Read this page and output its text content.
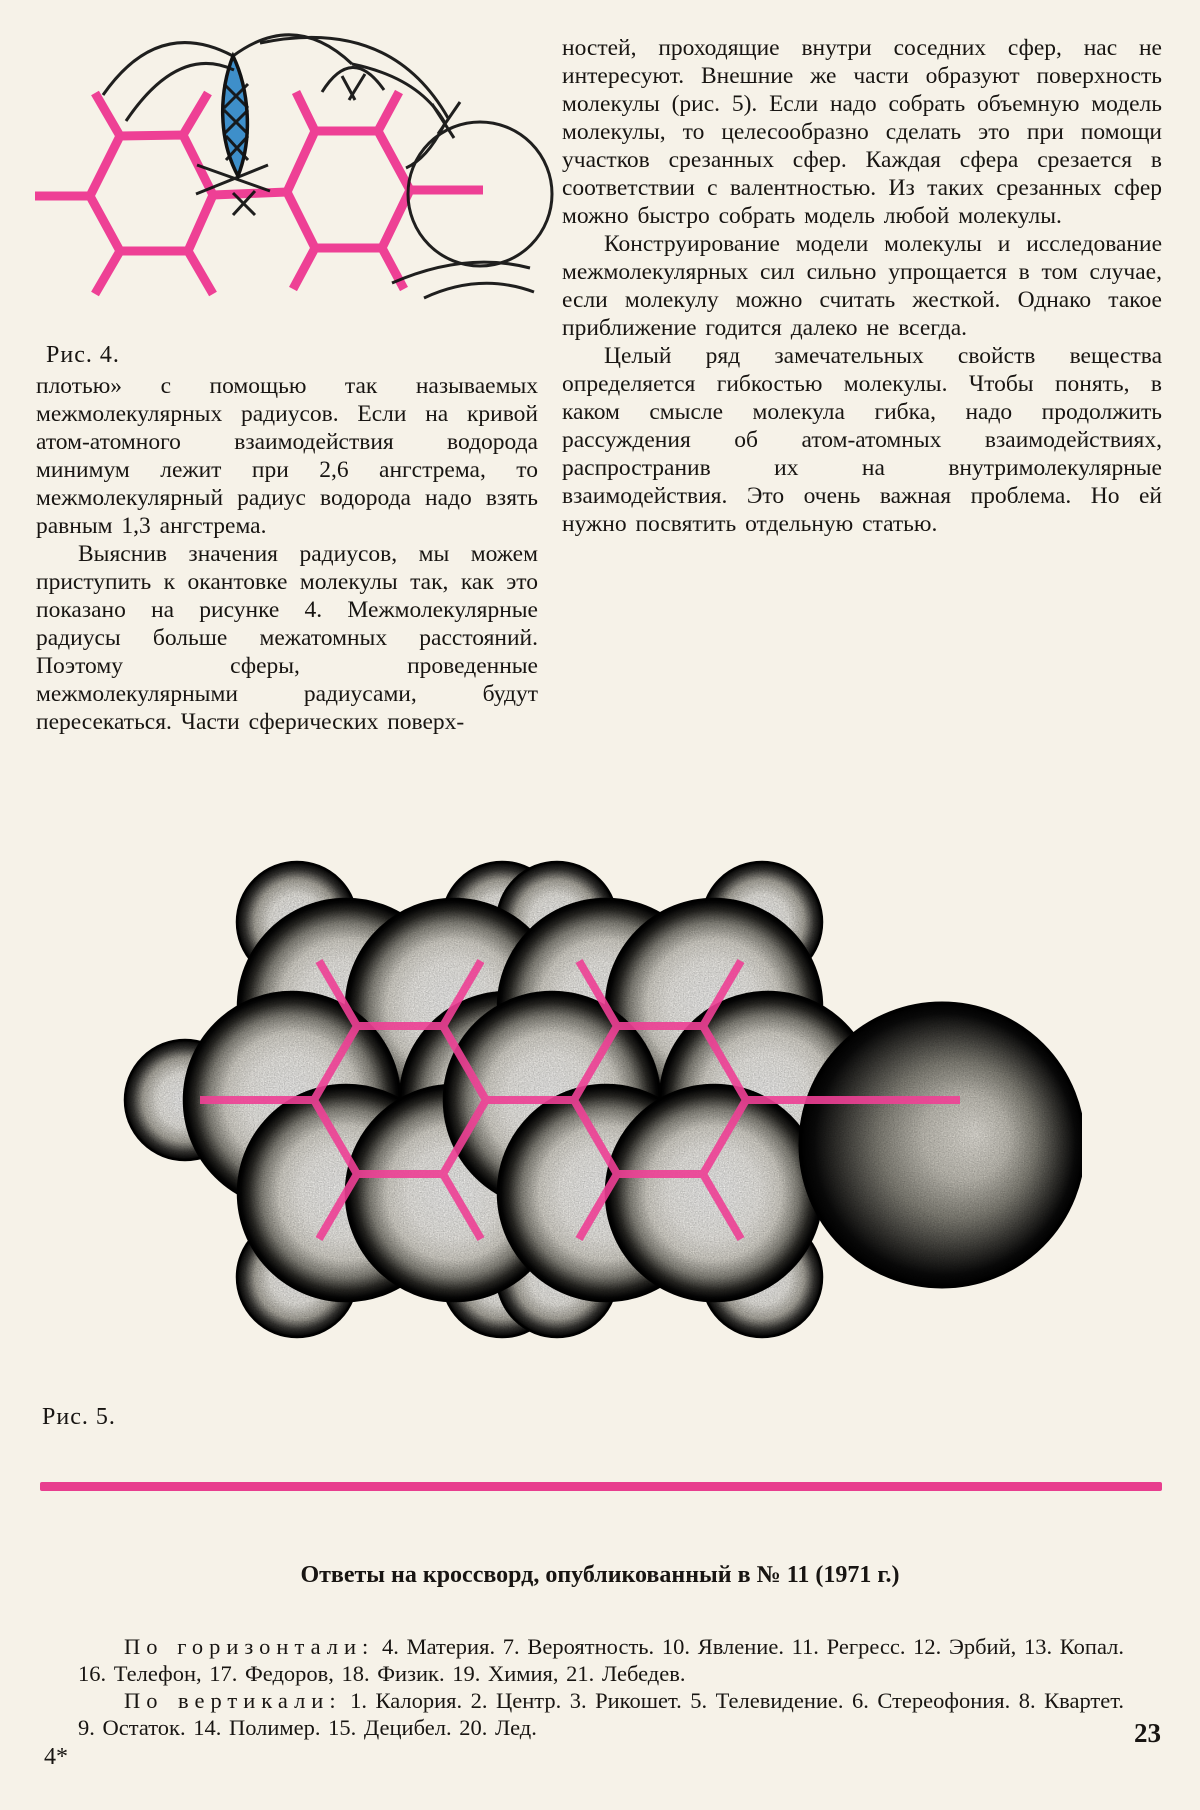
Рис. 4.

плотью» с помощью так называемых межмолекулярных радиусов. Если на кривой атом-атомного взаимодействия водорода минимум лежит при 2,6 ангстрема, то межмолекулярный радиус водорода надо взять равным 1,3 ангстрема.

Выяснив значения радиусов, мы можем приступить к окантовке молекулы так, как это показано на рисунке 4. Межмолекулярные радиусы больше межатомных расстояний. Поэтому сферы, проведенные межмолекулярными радиусами, будут пересекаться. Части сферических поверх-

ностей, проходящие внутри соседних сфер, нас не интересуют. Внешние же части образуют поверхность молекулы (рис. 5). Если надо собрать объемную модель молекулы, то целесообразно сделать это при помощи участков срезанных сфер. Каждая сфера срезается в соответствии с валентностью. Из таких срезанных сфер можно быстро собрать модель любой молекулы.

Конструирование модели молекулы и исследование межмолекулярных сил сильно упрощается в том случае, если молекулу можно считать жесткой. Однако такое приближение годится далеко не всегда.

Целый ряд замечательных свойств вещества определяется гибкостью молекулы. Чтобы понять, в каком смысле молекула гибка, надо продолжить рассуждения об атом-атомных взаимодействиях, распространив их на внутримолекулярные взаимодействия. Это очень важная проблема. Но ей нужно посвятить отдельную статью.

Рис. 5.
Ответы на кроссворд, опубликованный в № 11 (1971 г.)

По горизонтали: 4. Материя. 7. Вероятность. 10. Явление. 11. Регресс. 12. Эрбий, 13. Копал. 16. Телефон, 17. Федоров, 18. Физик. 19. Химия, 21. Лебедев.

По вертикали: 1. Калория. 2. Центр. 3. Рикошет. 5. Телевидение. 6. Стереофония. 8. Квартет. 9. Остаток. 14. Полимер. 15. Децибел. 20. Лед.	23
4*
